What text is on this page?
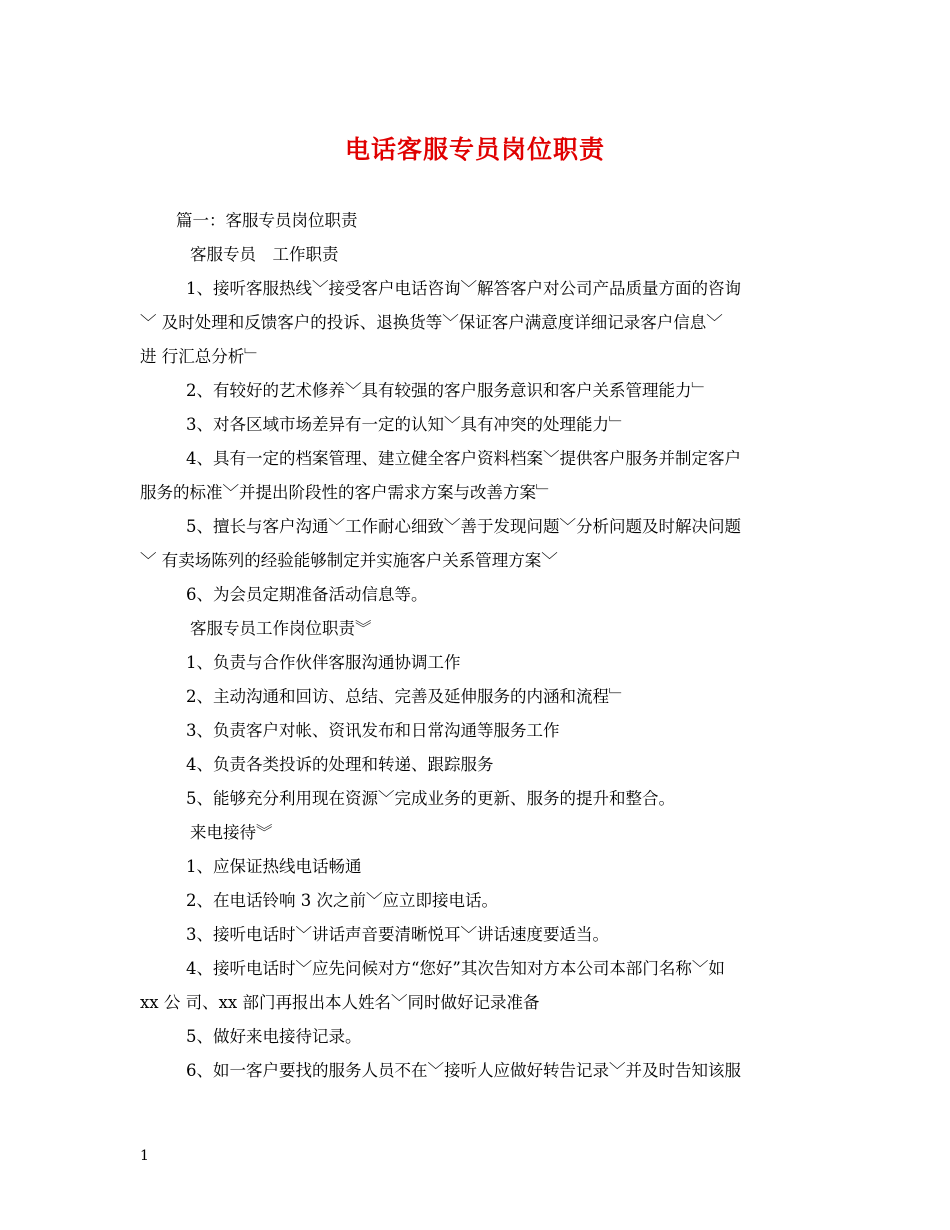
电话客服专员岗位职责
篇一：客服专员岗位职责
客服专员　工作职责
1、接听客服热线﹀接受客户电话咨询﹀解答客户对公司产品质量方面的咨询
﹀ 及时处理和反馈客户的投诉、退换货等﹀保证客户满意度详细记录客户信息﹀
进 行汇总分析﹂
2、有较好的艺术修养﹀具有较强的客户服务意识和客户关系管理能力﹂
3、对各区域市场差异有一定的认知﹀具有冲突的处理能力﹂
4、具有一定的档案管理、建立健全客户资料档案﹀提供客户服务并制定客户
服务的标准﹀并提出阶段性的客户需求方案与改善方案﹂
5、擅长与客户沟通﹀工作耐心细致﹀善于发现问题﹀分析问题及时解决问题
﹀ 有卖场陈列的经验能够制定并实施客户关系管理方案﹀
6、为会员定期准备活动信息等。
客服专员工作岗位职责︾
1、负责与合作伙伴客服沟通协调工作
2、主动沟通和回访、总结、完善及延伸服务的内涵和流程﹂
3、负责客户对帐、资讯发布和日常沟通等服务工作
4、负责各类投诉的处理和转递、跟踪服务
5、能够充分利用现在资源﹀完成业务的更新、服务的提升和整合。
来电接待︾
1、应保证热线电话畅通
2、在电话铃响 3 次之前﹀应立即接电话。
3、接听电话时﹀讲话声音要清晰悦耳﹀讲话速度要适当。
4、接听电话时﹀应先问候对方“您好”其次告知对方本公司本部门名称﹀如
xx 公 司、xx 部门再报出本人姓名﹀同时做好记录准备
5、做好来电接待记录。
6、如一客户要找的服务人员不在﹀接听人应做好转告记录﹀并及时告知该服
1
